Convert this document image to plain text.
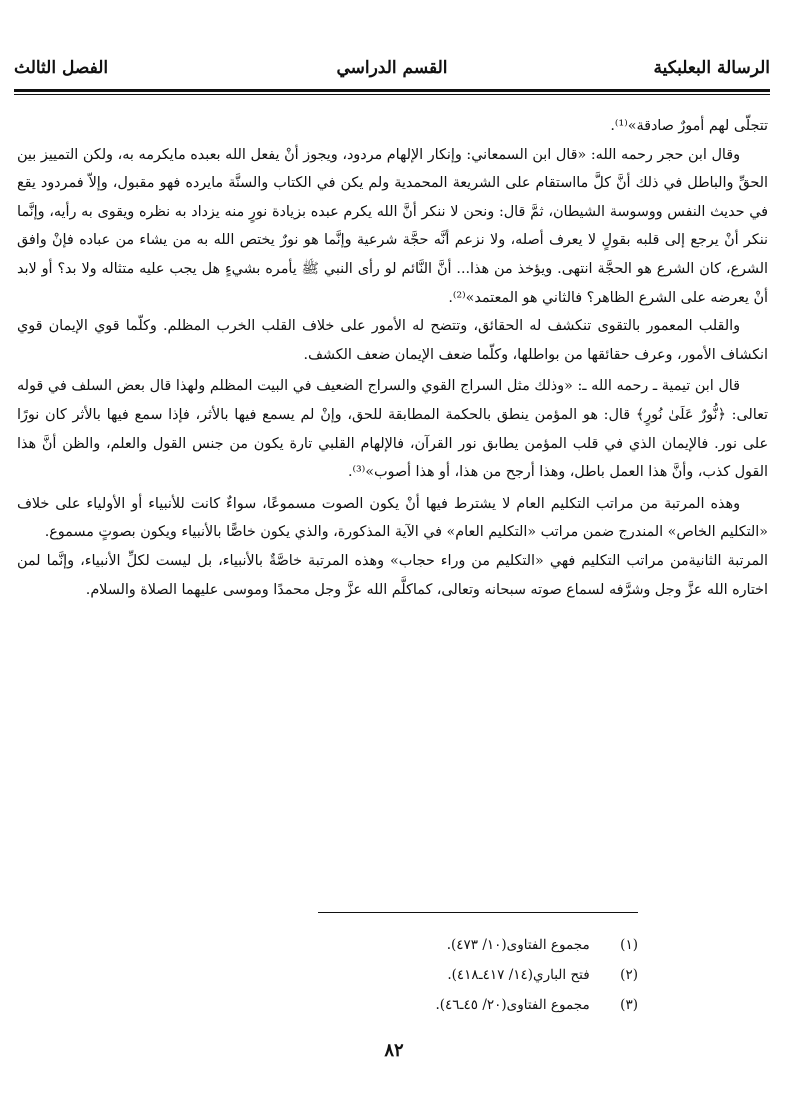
الرسالة البعلبكية
القسم الدراسي
الفصل الثالث

تتجلّى لهم أمورٌ صادقة»⁽¹⁾.

وقال ابن حجر رحمه الله: «قال ابن السمعاني: وإنكار الإلهام مردود، ويجوز أنْ يفعل الله بعبده مايكرمه به، ولكن التمييز بين الحقِّ والباطل في ذلك أنَّ كلَّ مااستقام على الشريعة المحمدية ولم يكن في الكتاب والسنَّة مايرده فهو مقبول، وإلاّ فمردود يقع في حديث النفس ووسوسة الشيطان، ثمَّ قال: ونحن لا ننكر أنَّ الله يكرم عبده بزيادة نورٍ منه يزداد به نظره ويقوى به رأيه، وإنَّما ننكر أنْ يرجع إلى قلبه بقولٍ لا يعرف أصله، ولا نزعم أنَّه حجَّة شرعية وإنَّما هو نورٌ يختص الله به من يشاء من عباده فإنْ وافق الشرع، كان الشرع هو الحجَّة انتهى. ويؤخذ من هذا... أنَّ النَّائم لو رأى النبي ﷺ يأمره بشيءٍ هل يجب عليه متثاله ولا بد؟ أو لابد أنْ يعرضه على الشرع الظاهر؟ فالثاني هو المعتمد»⁽²⁾.

والقلب المعمور بالتقوى تنكشف له الحقائق، وتتضح له الأمور على خلاف القلب الخرب المظلم. وكلّما قوي الإيمان قوي انكشاف الأمور، وعرف حقائقها من بواطلها، وكلّما ضعف الإيمان ضعف الكشف.

قال ابن تيمية ـ رحمه الله ـ: «وذلك مثل السراج القوي والسراج الضعيف في البيت المظلم ولهذا قال بعض السلف في قوله تعالى: ﴿نُّورٌ عَلَىٰ نُورٍ﴾ قال: هو المؤمن ينطق بالحكمة المطابقة للحق، وإنْ لم يسمع فيها بالأثر، فإذا سمع فيها بالأثر كان نورًا على نور. فالإيمان الذي في قلب المؤمن يطابق نور القرآن، فالإلهام القلبي تارة يكون من جنس القول والعلم، والظن أنَّ هذا القول كذب، وأنَّ هذا العمل باطل، وهذا أرجح من هذا، أو هذا أصوب»⁽³⁾.

وهذه المرتبة من مراتب التكليم العام لا يشترط فيها أنْ يكون الصوت مسموعًا، سواءٌ كانت للأنبياء أو الأولياء على خلاف «التكليم الخاص» المندرج ضمن مراتب «التكليم العام» في الآية المذكورة، والذي يكون خاصًّا بالأنبياء ويكون بصوتٍ مسموع.

المرتبة الثانيةمن مراتب التكليم فهي «التكليم من وراء حجاب» وهذه المرتبة خاصَّةٌ بالأنبياء، بل ليست لكلِّ الأنبياء، وإنَّما لمن اختاره الله عزَّ وجل وشرَّفه لسماع صوته سبحانه وتعالى، كماكلَّم الله عزَّ وجل محمدًا وموسى عليهما الصلاة والسلام.

(١) مجموع الفتاوى(١٠/ ٤٧٣).
(٢) فتح الباري(١٤/ ٤١٧ـ٤١٨).
(٣) مجموع الفتاوى(٢٠/ ٤٥ـ٤٦).
٨٢
